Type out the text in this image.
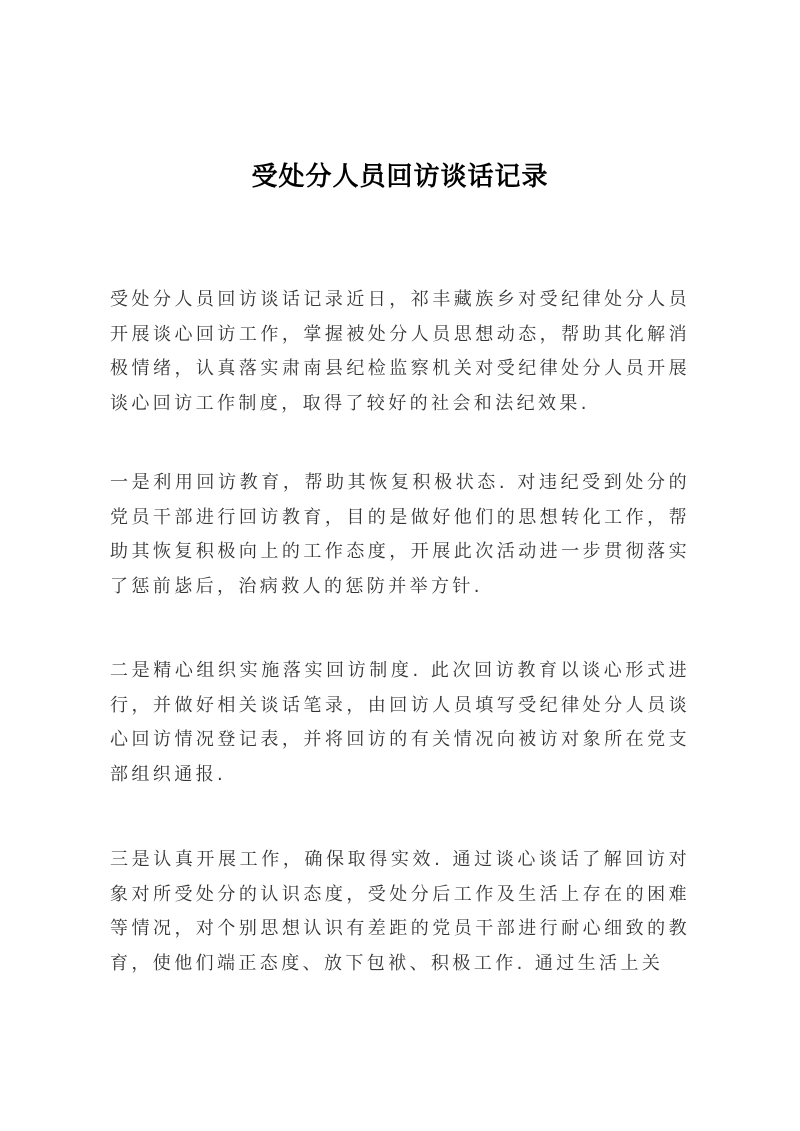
受处分人员回访谈话记录

受处分人员回访谈话记录近日，祁丰藏族乡对受纪律处分人员开展谈心回访工作，掌握被处分人员思想动态，帮助其化解消极情绪，认真落实肃南县纪检监察机关对受纪律处分人员开展谈心回访工作制度，取得了较好的社会和法纪效果.

一是利用回访教育，帮助其恢复积极状态. 对违纪受到处分的党员干部进行回访教育，目的是做好他们的思想转化工作，帮助其恢复积极向上的工作态度，开展此次活动进一步贯彻落实了惩前毖后，治病救人的惩防并举方针.

二是精心组织实施落实回访制度. 此次回访教育以谈心形式进行，并做好相关谈话笔录，由回访人员填写受纪律处分人员谈心回访情况登记表，并将回访的有关情况向被访对象所在党支部组织通报.

三是认真开展工作，确保取得实效. 通过谈心谈话了解回访对象对所受处分的认识态度，受处分后工作及生活上存在的困难等情况，对个别思想认识有差距的党员干部进行耐心细致的教育，使他们端正态度、放下包袱、积极工作. 通过生活上关
